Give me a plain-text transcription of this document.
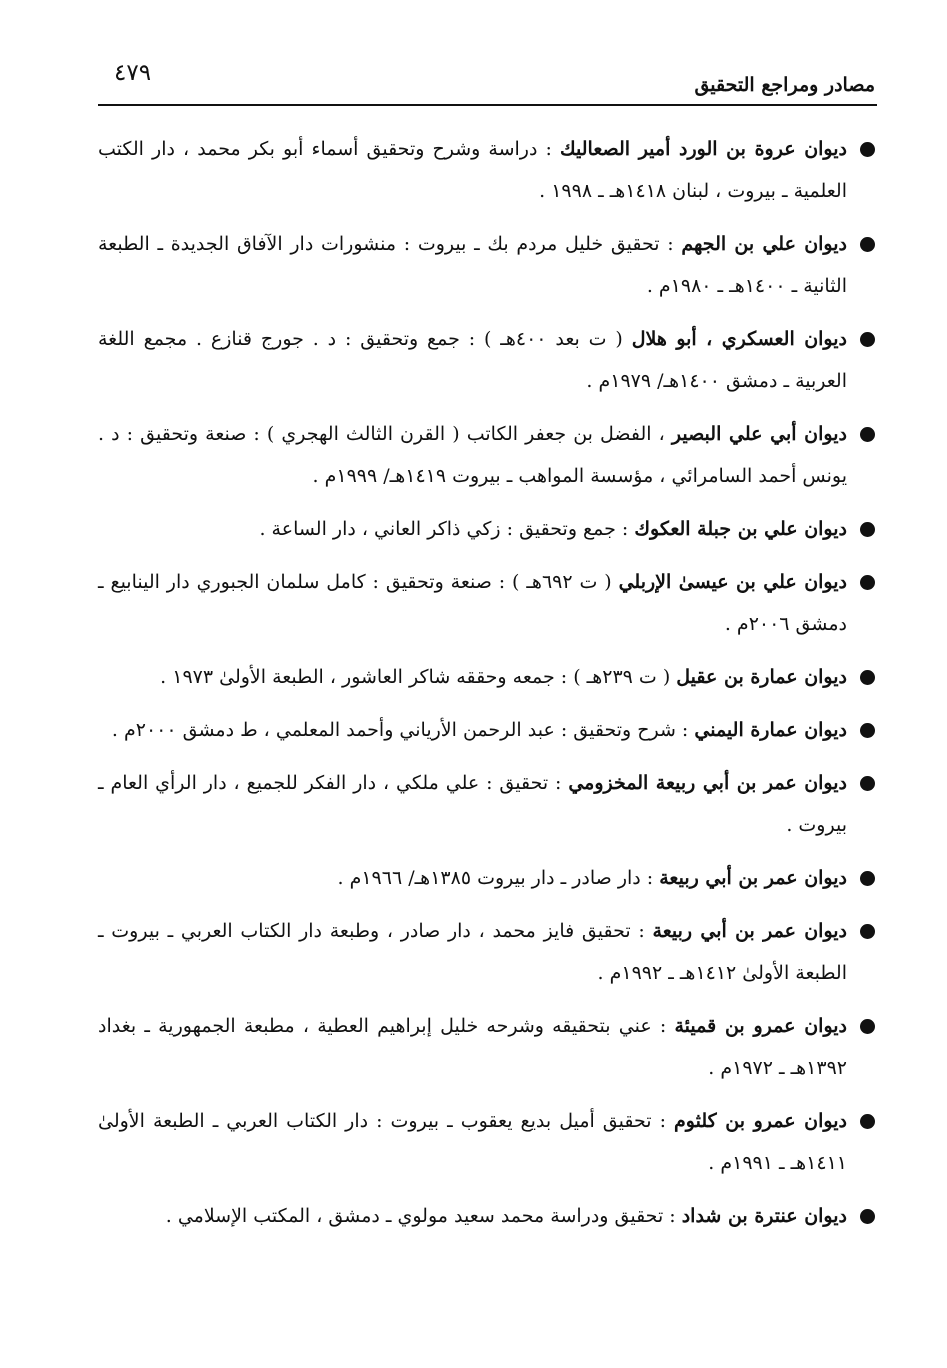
مصادر ومراجع التحقيق
٤٧٩
ديوان عروة بن الورد أمير الصعاليك : دراسة وشرح وتحقيق أسماء أبو بكر محمد ، دار الكتب العلمية ـ بيروت ، لبنان ١٤١٨هـ ـ ١٩٩٨ .
ديوان علي بن الجهم : تحقيق خليل مردم بك ـ بيروت : منشورات دار الآفاق الجديدة ـ الطبعة الثانية ـ ١٤٠٠هـ ـ ١٩٨٠م .
ديوان العسكري ، أبو هلال ( ت بعد ٤٠٠هـ ) : جمع وتحقيق : د . جورج قنازع . مجمع اللغة العربية ـ دمشق ١٤٠٠هـ/ ١٩٧٩م .
ديوان أبي علي البصير ، الفضل بن جعفر الكاتب ( القرن الثالث الهجري ) : صنعة وتحقيق : د . يونس أحمد السامرائي ، مؤسسة المواهب ـ بيروت ١٤١٩هـ/ ١٩٩٩م .
ديوان علي بن جبلة العكوك : جمع وتحقيق : زكي ذاكر العاني ، دار الساعة .
ديوان علي بن عيسىٰ الإربلي ( ت ٦٩٢هـ ) : صنعة وتحقيق : كامل سلمان الجبوري دار الينابيع ـ دمشق ٢٠٠٦م .
ديوان عمارة بن عقيل ( ت ٢٣٩هـ ) : جمعه وحققه شاكر العاشور ، الطبعة الأولىٰ ١٩٧٣ .
ديوان عمارة اليمني : شرح وتحقيق : عبد الرحمن الأرياني وأحمد المعلمي ، ط دمشق ٢٠٠٠م .
ديوان عمر بن أبي ربيعة المخزومي : تحقيق : علي ملكي ، دار الفكر للجميع ، دار الرأي العام ـ بيروت .
ديوان عمر بن أبي ربيعة : دار صادر ـ دار بيروت ١٣٨٥هـ/ ١٩٦٦م .
ديوان عمر بن أبي ربيعة : تحقيق فايز محمد ، دار صادر ، وطبعة دار الكتاب العربي ـ بيروت ـ الطبعة الأولىٰ ١٤١٢هـ ـ ١٩٩٢م .
ديوان عمرو بن قميئة : عني بتحقيقه وشرحه خليل إبراهيم العطية ، مطبعة الجمهورية ـ بغداد ١٣٩٢هـ ـ ١٩٧٢م .
ديوان عمرو بن كلثوم : تحقيق أميل بديع يعقوب ـ بيروت : دار الكتاب العربي ـ الطبعة الأولىٰ ١٤١١هـ ـ ١٩٩١م .
ديوان عنترة بن شداد : تحقيق ودراسة محمد سعيد مولوي ـ دمشق ، المكتب الإسلامي .
